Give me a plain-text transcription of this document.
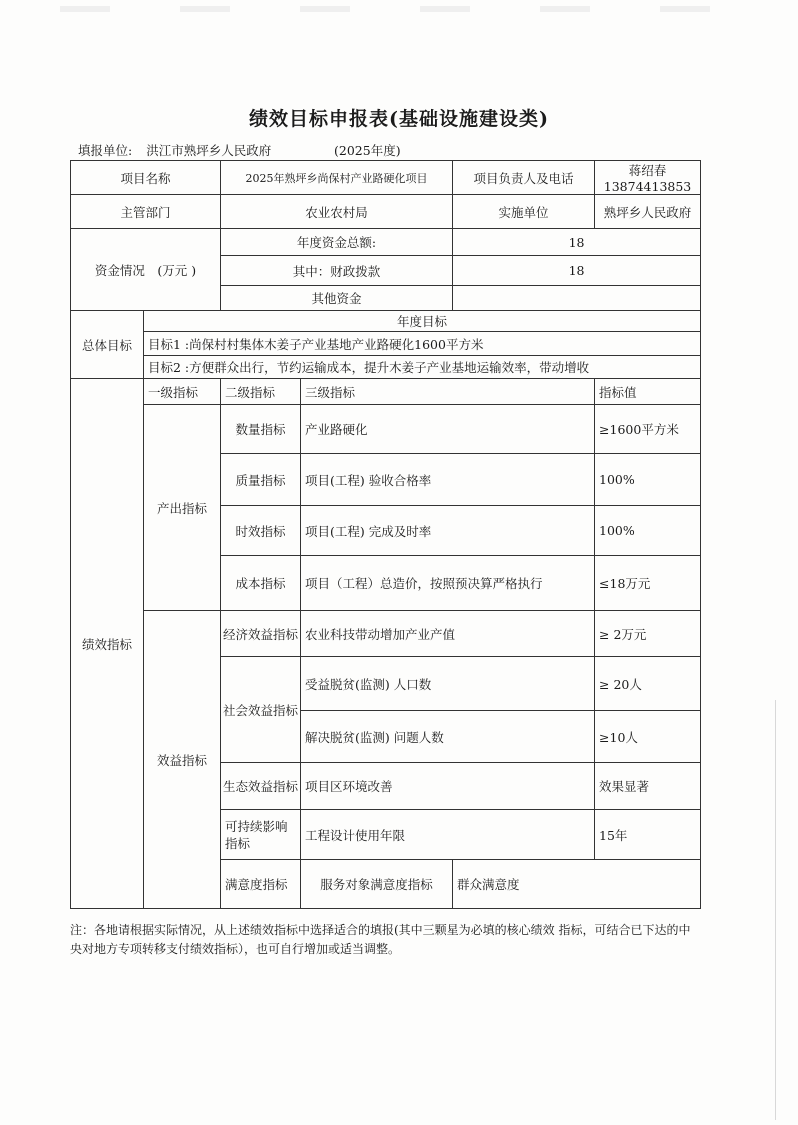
绩效目标申报表(基础设施建设类)
填报单位: 洪江市熟坪乡人民政府	(2025年度)
项目名称		2025年熟坪乡尚保村产业路硬化项目		项目负责人及电话	蒋绍春13874413853	
主管部门		农业农村局		实施单位	熟坪乡人民政府	
资金情况　(万元 )		年度资金总额:		18		
		其中：财政拨款		18		
		其他资金				
总体目标	年度目标					
	目标1 :尚保村村集体木姜子产业基地产业路硬化1600平方米					
	目标2 :方便群众出行，节约运输成本，提升木姜子产业基地运输效率，带动增收					
绩效指标	一级指标	二级指标	三级指标		指标值	
	产出指标	数量指标	产业路硬化		≥1600平方米	
		质量指标	项目(工程) 验收合格率		100%	
		时效指标	项目(工程) 完成及时率		100%	
		成本指标	项目（工程）总造价，按照预决算严格执行		≤18万元	
	效益指标	经济效益指标	农业科技带动增加产业产值		≥ 2万元	
		社会效益指标	受益脱贫(监测) 人口数		≥ 20人	
			解决脱贫(监测) 问题人数		≥10人	
		生态效益指标	项目区环境改善		效果显著	
		可持续影响指标	工程设计使用年限		15年	
		满意度指标	服务对象满意度指标	群众满意度	
注：各地请根据实际情况，从上述绩效指标中选择适合的填报(其中三颗星为必填的核心绩效 指标，可结合已下达的中央对地方专项转移支付绩效指标），也可自行增加或适当调整。
